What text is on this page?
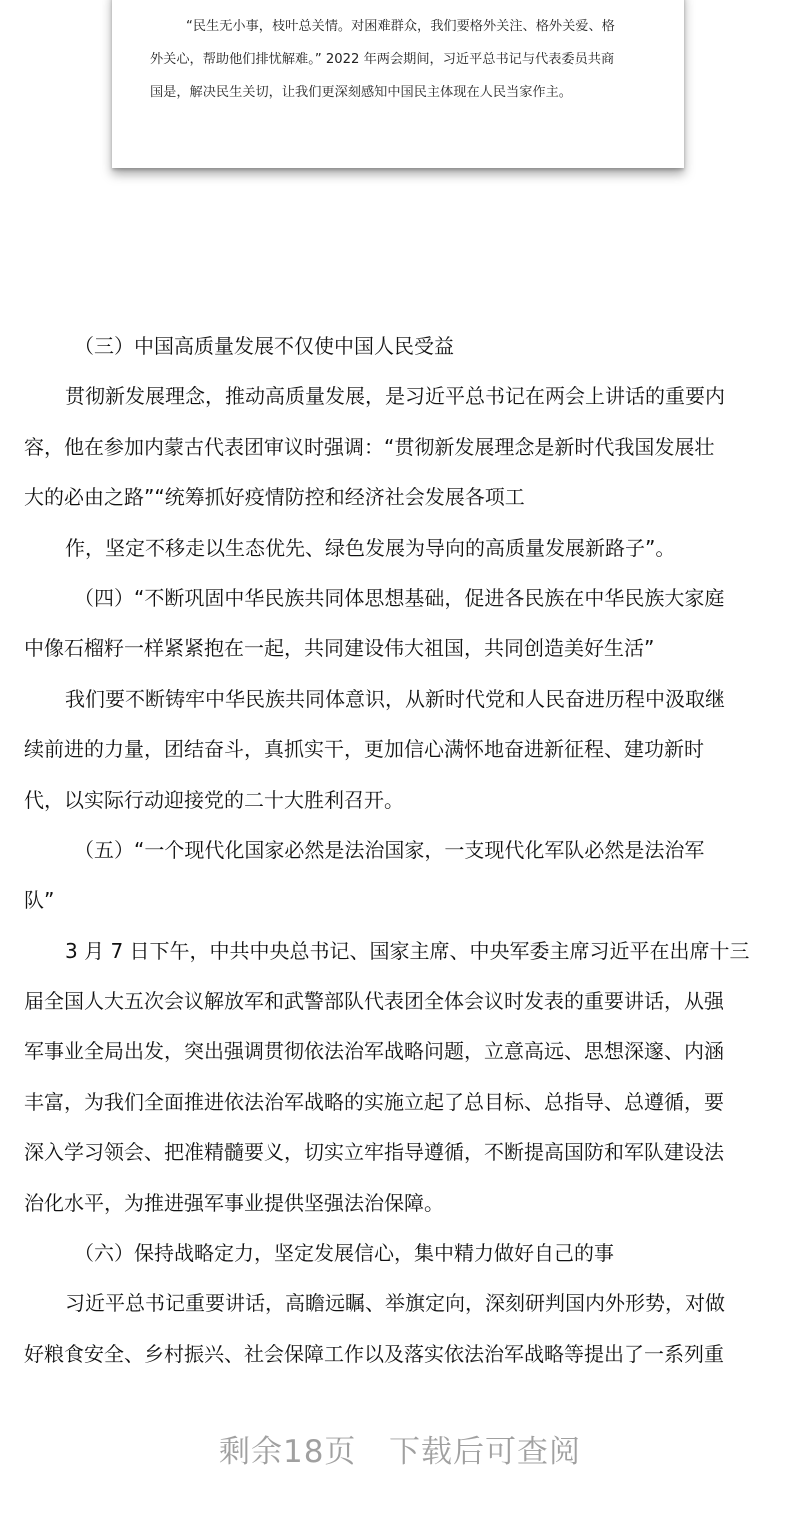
“民生无小事，枝叶总关情。对困难群众，我们要格外关注、格外关爱、格
外关心，帮助他们排忧解难。” 2022 年两会期间，习近平总书记与代表委员共商
国是，解决民生关切，让我们更深刻感知中国民主体现在人民当家作主。
（三）中国高质量发展不仅使中国人民受益
贯彻新发展理念，推动高质量发展，是习近平总书记在两会上讲话的重要内
容，他在参加内蒙古代表团审议时强调：“贯彻新发展理念是新时代我国发展壮
大的必由之路”“统筹抓好疫情防控和经济社会发展各项工
作，坚定不移走以生态优先、绿色发展为导向的高质量发展新路子”。
（四）“不断巩固中华民族共同体思想基础，促进各民族在中华民族大家庭
中像石榴籽一样紧紧抱在一起，共同建设伟大祖国，共同创造美好生活”
我们要不断铸牢中华民族共同体意识，从新时代党和人民奋进历程中汲取继
续前进的力量，团结奋斗，真抓实干，更加信心满怀地奋进新征程、建功新时
代，以实际行动迎接党的二十大胜利召开。
（五）“一个现代化国家必然是法治国家，一支现代化军队必然是法治军
队”
3 月 7 日下午，中共中央总书记、国家主席、中央军委主席习近平在出席十三
届全国人大五次会议解放军和武警部队代表团全体会议时发表的重要讲话，从强
军事业全局出发，突出强调贯彻依法治军战略问题，立意高远、思想深邃、内涵
丰富，为我们全面推进依法治军战略的实施立起了总目标、总指导、总遵循，要
深入学习领会、把准精髓要义，切实立牢指导遵循，不断提高国防和军队建设法
治化水平，为推进强军事业提供坚强法治保障。
（六）保持战略定力，坚定发展信心，集中精力做好自己的事
习近平总书记重要讲话，高瞻远瞩、举旗定向，深刻研判国内外形势，对做
好粮食安全、乡村振兴、社会保障工作以及落实依法治军战略等提出了一系列重
剩余18页   下载后可查阅
